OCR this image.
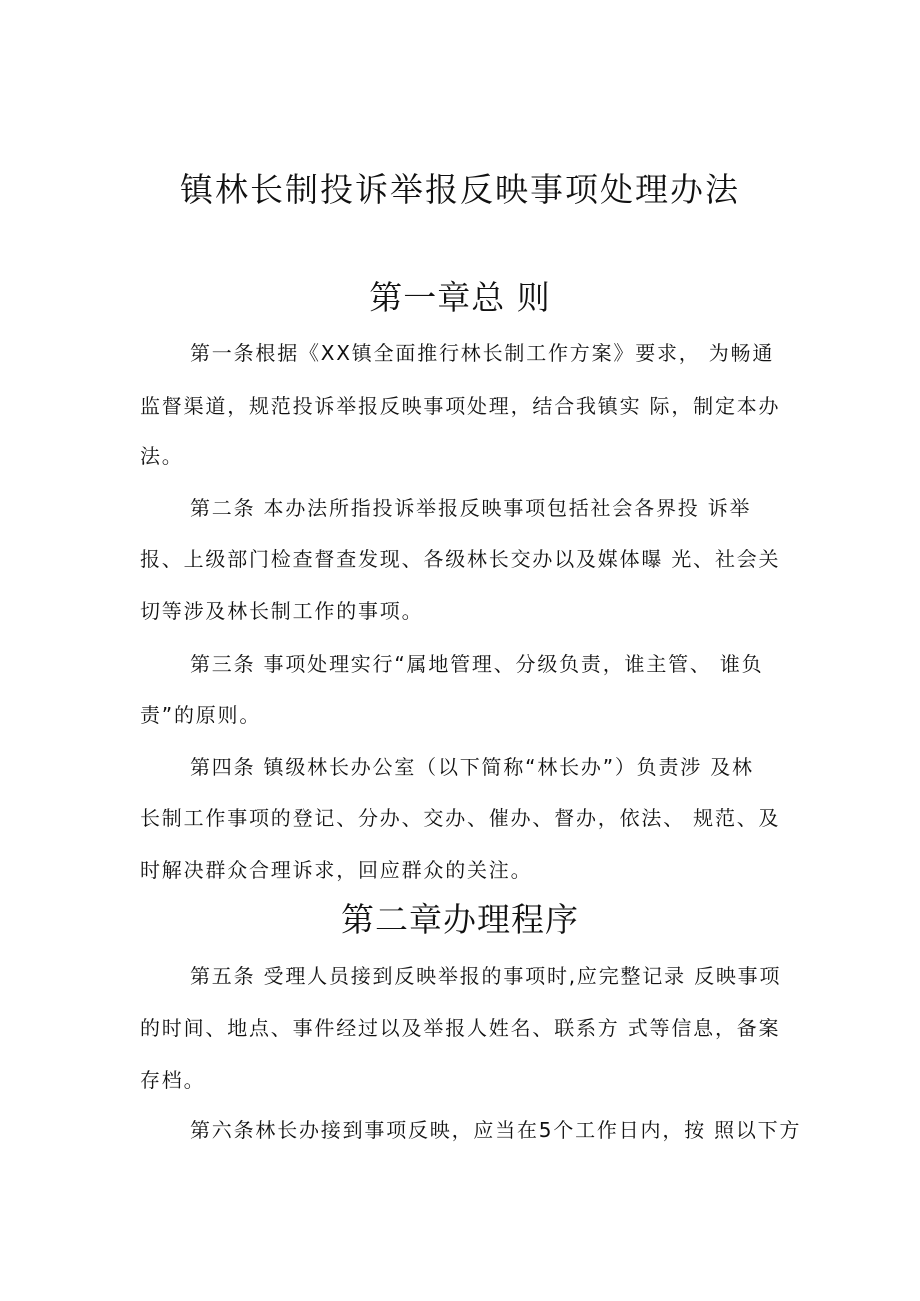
镇林长制投诉举报反映事项处理办法
第一章总 则

第一条根据《XX镇全面推行林长制工作方案》要求， 为畅通

监督渠道，规范投诉举报反映事项处理，结合我镇实 际，制定本办

法。

第二条 本办法所指投诉举报反映事项包括社会各界投 诉举

报、上级部门检查督查发现、各级林长交办以及媒体曝 光、社会关

切等涉及林长制工作的事项。

第三条 事项处理实行“属地管理、分级负责，谁主管、 谁负

责”的原则。

第四条 镇级林长办公室（以下简称“林长办”）负责涉 及林

长制工作事项的登记、分办、交办、催办、督办，依法、 规范、及

时解决群众合理诉求，回应群众的关注。

第二章办理程序

第五条 受理人员接到反映举报的事项时,应完整记录 反映事项

的时间、地点、事件经过以及举报人姓名、联系方 式等信息，备案

存档。

第六条林长办接到事项反映，应当在5个工作日内，按 照以下方
